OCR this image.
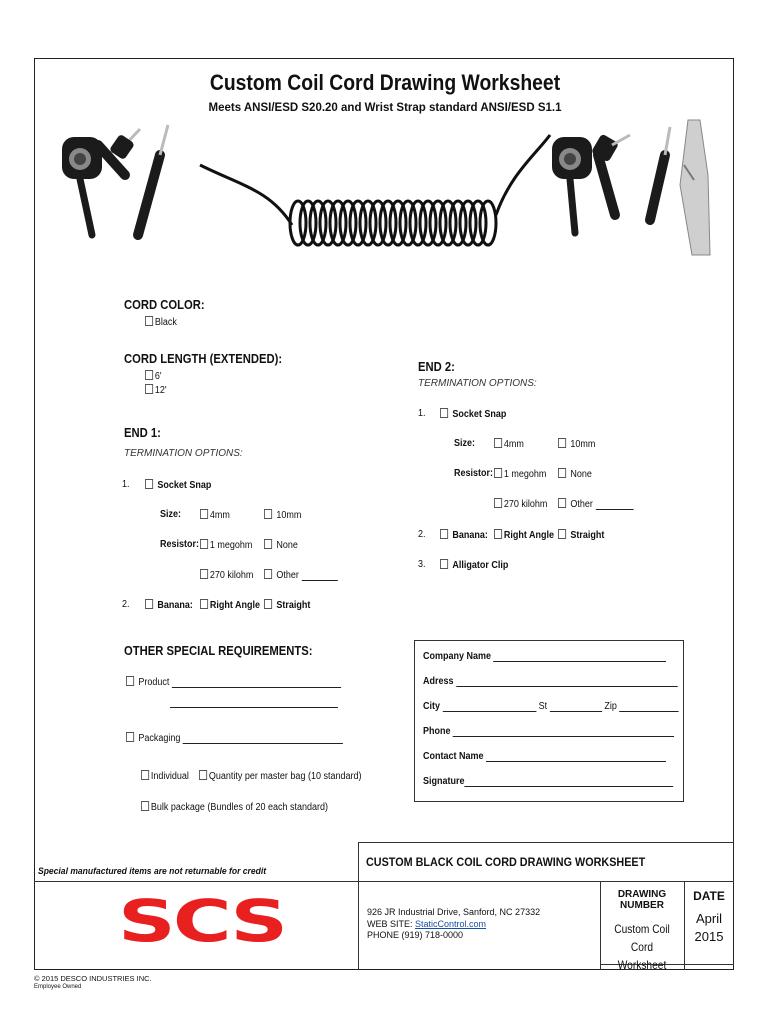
Custom Coil Cord Drawing Worksheet
Meets ANSI/ESD S20.20 and Wrist Strap standard ANSI/ESD S1.1
CORD COLOR:
Black
CORD LENGTH (EXTENDED):
6'
12'
END 1:
TERMINATION OPTIONS:
1.	Socket Snap
Size:	4mm	10mm
Resistor:	1 megohm	None
270 kilohm	Other
2.	Banana:	Right Angle	Straight
END 2:
TERMINATION OPTIONS:
1.	Socket Snap
Size:	4mm	10mm
Resistor:	1 megohm	None
270 kilohm	Other
2.	Banana:	Right Angle	Straight
3.	Alligator Clip
OTHER SPECIAL REQUIREMENTS:
Product
Packaging
Individual	Quantity per master bag (10 standard)
Bulk package (Bundles of 20 each standard)
Company Name
Adress
City	St	Zip
Phone
Contact Name
Signature
Special manufactured items are not returnable for credit
CUSTOM BLACK COIL CORD DRAWING WORKSHEET
SCS	926 JR Industrial Drive, Sanford, NC 27332
WEB SITE: StaticControl.com
PHONE (919) 718-0000
DRAWING
NUMBER
Custom Coil Cord
Worksheet
DATE
April
2015
© 2015 DESCO INDUSTRIES INC.
Employee Owned
